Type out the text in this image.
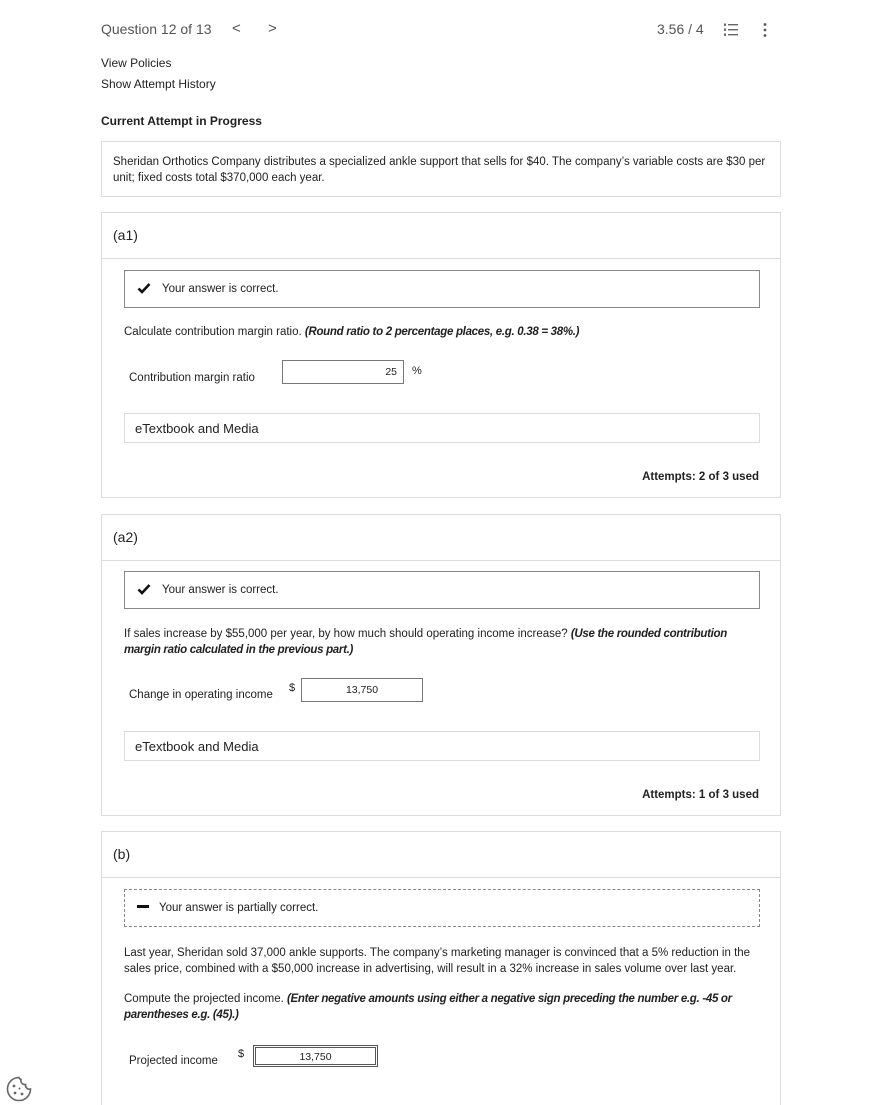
Question 12 of 13 < >	3.56 / 4
View Policies
Show Attempt History
Current Attempt in Progress
Sheridan Orthotics Company distributes a specialized ankle support that sells for $40. The company’s variable costs are $30 per unit; fixed costs total $370,000 each year.
(a1)
Your answer is correct.
Calculate contribution margin ratio. (Round ratio to 2 percentage places, e.g. 0.38 = 38%.)
Contribution margin ratio	25 %
eTextbook and Media
Attempts: 2 of 3 used
(a2)
Your answer is correct.
If sales increase by $55,000 per year, by how much should operating income increase? (Use the rounded contribution margin ratio calculated in the previous part.)
Change in operating income
$	13,750
eTextbook and Media
Attempts: 1 of 3 used
(b)
Your answer is partially correct.
Last year, Sheridan sold 37,000 ankle supports. The company’s marketing manager is convinced that a 5% reduction in the sales price, combined with a $50,000 increase in advertising, will result in a 32% increase in sales volume over last year.
Compute the projected income. (Enter negative amounts using either a negative sign preceding the number e.g. -45 or parentheses e.g. (45).)
Projected income
$	13,750
